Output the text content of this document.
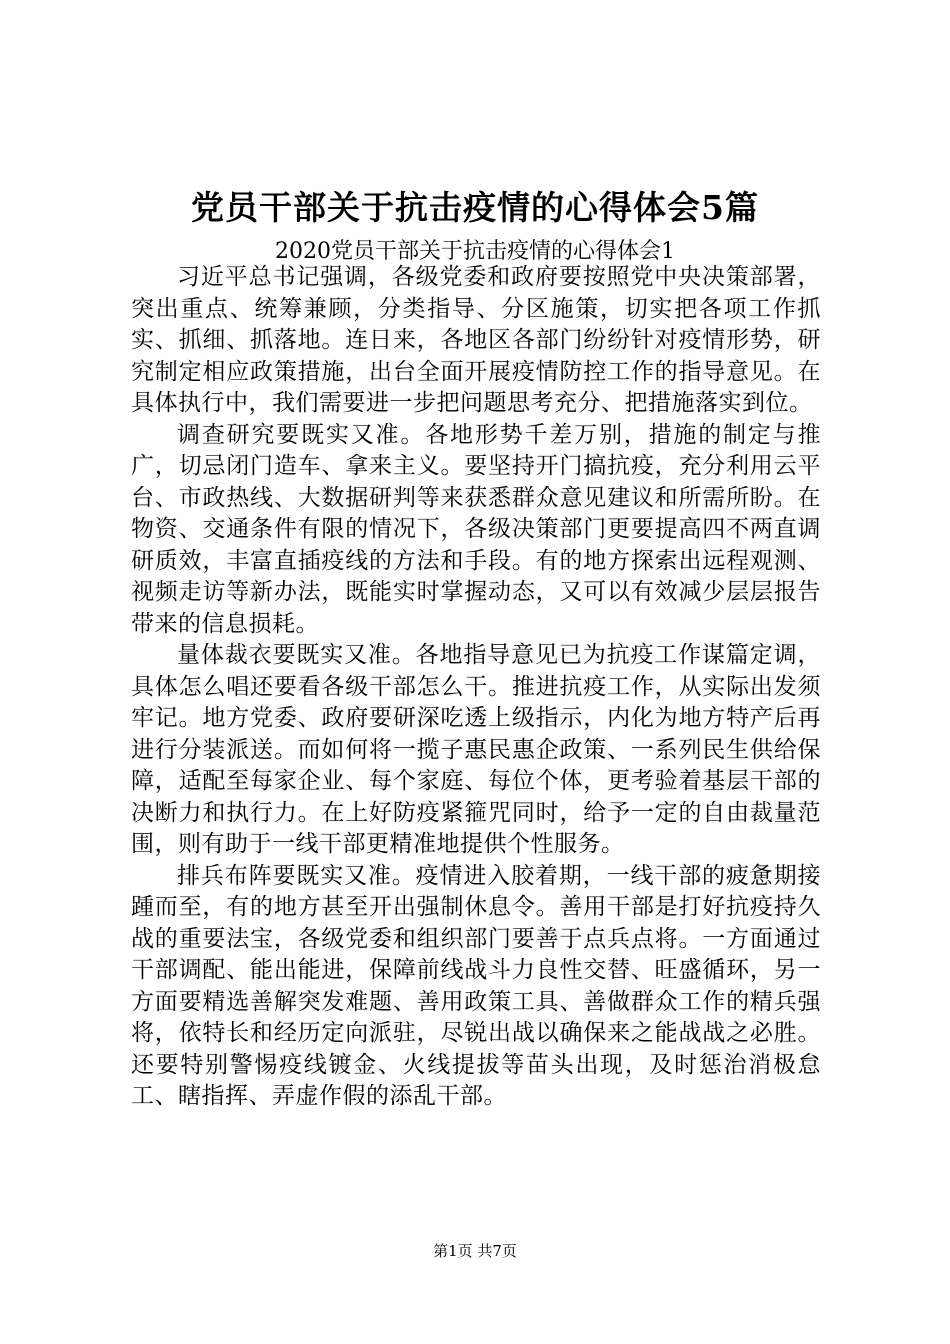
党员干部关于抗击疫情的心得体会5篇
2020党员干部关于抗击疫情的心得体会1

习近平总书记强调，各级党委和政府要按照党中央决策部署，突出重点、统筹兼顾，分类指导、分区施策，切实把各项工作抓实、抓细、抓落地。连日来，各地区各部门纷纷针对疫情形势，研究制定相应政策措施，出台全面开展疫情防控工作的指导意见。在具体执行中，我们需要进一步把问题思考充分、把措施落实到位。

调查研究要既实又准。各地形势千差万别，措施的制定与推广，切忌闭门造车、拿来主义。要坚持开门搞抗疫，充分利用云平台、市政热线、大数据研判等来获悉群众意见建议和所需所盼。在物资、交通条件有限的情况下，各级决策部门更要提高四不两直调研质效，丰富直插疫线的方法和手段。有的地方探索出远程观测、视频走访等新办法，既能实时掌握动态，又可以有效减少层层报告带来的信息损耗。

量体裁衣要既实又准。各地指导意见已为抗疫工作谋篇定调，具体怎么唱还要看各级干部怎么干。推进抗疫工作，从实际出发须牢记。地方党委、政府要研深吃透上级指示，内化为地方特产后再进行分装派送。而如何将一揽子惠民惠企政策、一系列民生供给保障，适配至每家企业、每个家庭、每位个体，更考验着基层干部的决断力和执行力。在上好防疫紧箍咒同时，给予一定的自由裁量范围，则有助于一线干部更精准地提供个性服务。

排兵布阵要既实又准。疫情进入胶着期，一线干部的疲惫期接踵而至，有的地方甚至开出强制休息令。善用干部是打好抗疫持久战的重要法宝，各级党委和组织部门要善于点兵点将。一方面通过干部调配、能出能进，保障前线战斗力良性交替、旺盛循环，另一方面要精选善解突发难题、善用政策工具、善做群众工作的精兵强将，依特长和经历定向派驻，尽锐出战以确保来之能战战之必胜。还要特别警惕疫线镀金、火线提拔等苗头出现，及时惩治消极怠工、瞎指挥、弄虚作假的添乱干部。

第1页 共7页
